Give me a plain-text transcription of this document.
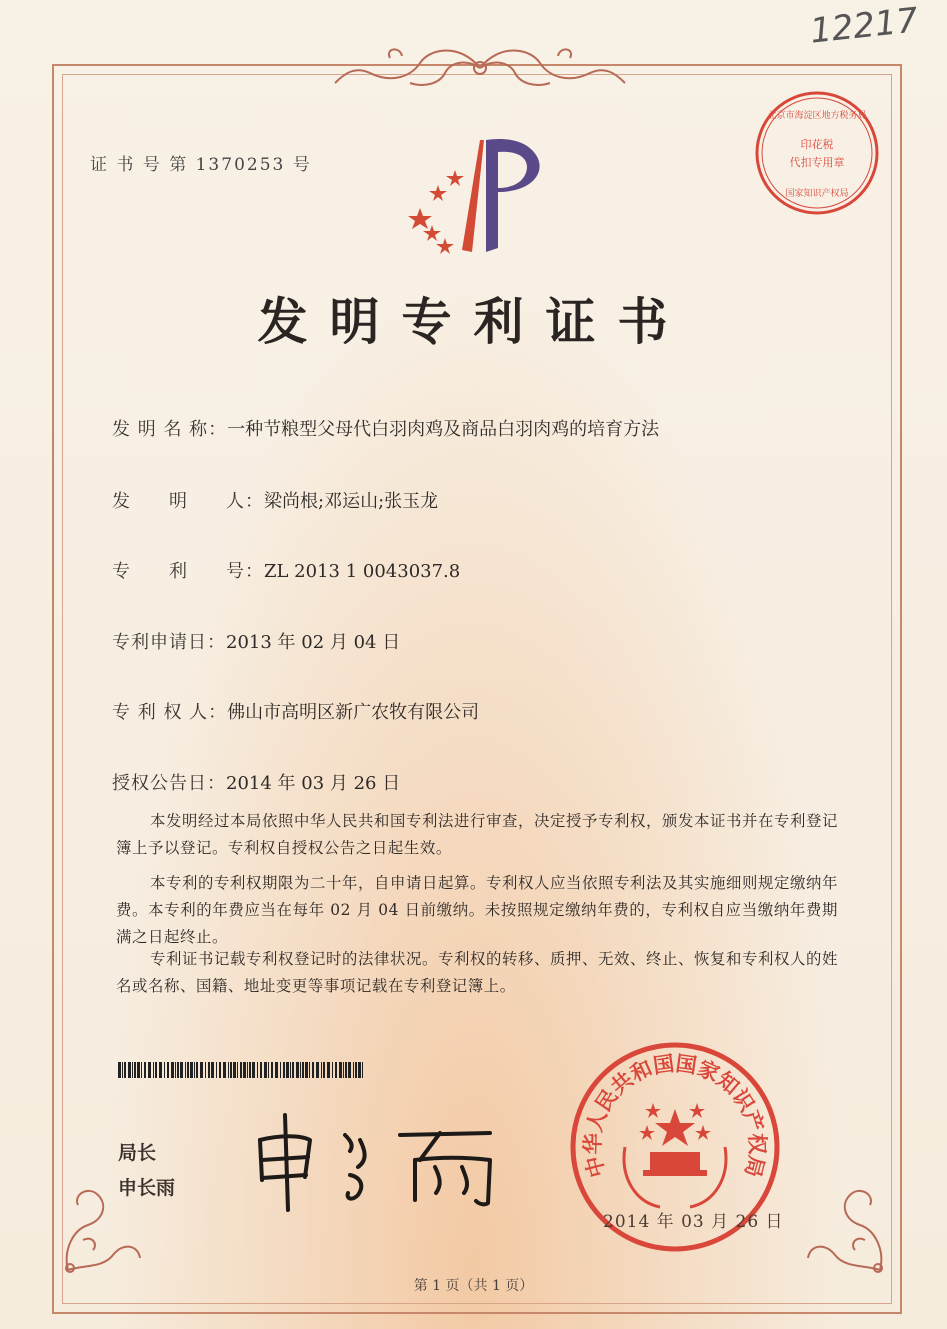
12217
证 书 号 第 1370253 号
印花税
代扣专用章
北京市海淀区地方税务局
国家知识产权局
发明专利证书
发 明 名 称：一种节粮型父母代白羽肉鸡及商品白羽肉鸡的培育方法
发　　明　　人：梁尚根;邓运山;张玉龙
专　　利　　号：ZL 2013 1 0043037.8
专利申请日：2013 年 02 月 04 日
专 利 权 人：佛山市高明区新广农牧有限公司
授权公告日：2014 年 03 月 26 日
本发明经过本局依照中华人民共和国专利法进行审查，决定授予专利权，颁发本证书并在专利登记簿上予以登记。专利权自授权公告之日起生效。
本专利的专利权期限为二十年，自申请日起算。专利权人应当依照专利法及其实施细则规定缴纳年费。本专利的年费应当在每年 02 月 04 日前缴纳。未按照规定缴纳年费的，专利权自应当缴纳年费期满之日起终止。
专利证书记载专利权登记时的法律状况。专利权的转移、质押、无效、终止、恢复和专利权人的姓名或名称、国籍、地址变更等事项记载在专利登记簿上。
局长
申长雨
中华人民共和国国家知识产权局
2014 年 03 月 26 日
第 1 页（共 1 页）
